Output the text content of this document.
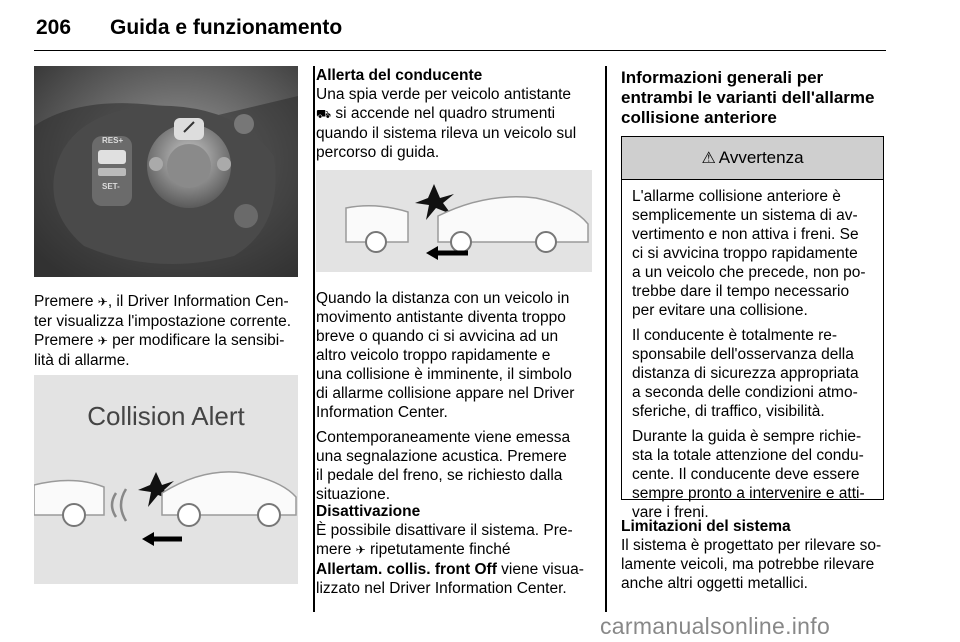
206 Guida e funzionamento
RES+
SET-
Premere ✈, il Driver Information Cen-
ter visualizza l'impostazione corrente.
Premere ✈ per modificare la sensibi-
lità di allarme.
Collision Alert
Allerta del conducente
Una spia verde per veicolo antistante
⛟ si accende nel quadro strumenti
quando il sistema rileva un veicolo sul
percorso di guida.
Quando la distanza con un veicolo in
movimento antistante diventa troppo
breve o quando ci si avvicina ad un
altro veicolo troppo rapidamente e
una collisione è imminente, il simbolo
di allarme collisione appare nel Driver
Information Center.
Contemporaneamente viene emessa
una segnalazione acustica. Premere
il pedale del freno, se richiesto dalla
situazione.
Disattivazione
È possibile disattivare il sistema. Pre-
mere ✈ ripetutamente finché
Allertam. collis. front Off viene visua-
lizzato nel Driver Information Center.
Informazioni generali per
entrambi le varianti dell'allarme
collisione anteriore
⚠ Avvertenza

L'allarme collisione anteriore è
semplicemente un sistema di av-
vertimento e non attiva i freni. Se
ci si avvicina troppo rapidamente
a un veicolo che precede, non po-
trebbe dare il tempo necessario
per evitare una collisione.

Il conducente è totalmente re-
sponsabile dell'osservanza della
distanza di sicurezza appropriata
a seconda delle condizioni atmo-
sferiche, di traffico, visibilità.

Durante la guida è sempre richie-
sta la totale attenzione del condu-
cente. Il conducente deve essere
sempre pronto a intervenire e atti-
vare i freni.

Limitazioni del sistema
Il sistema è progettato per rilevare so-
lamente veicoli, ma potrebbe rilevare
anche altri oggetti metallici.
carmanualsonline.info
